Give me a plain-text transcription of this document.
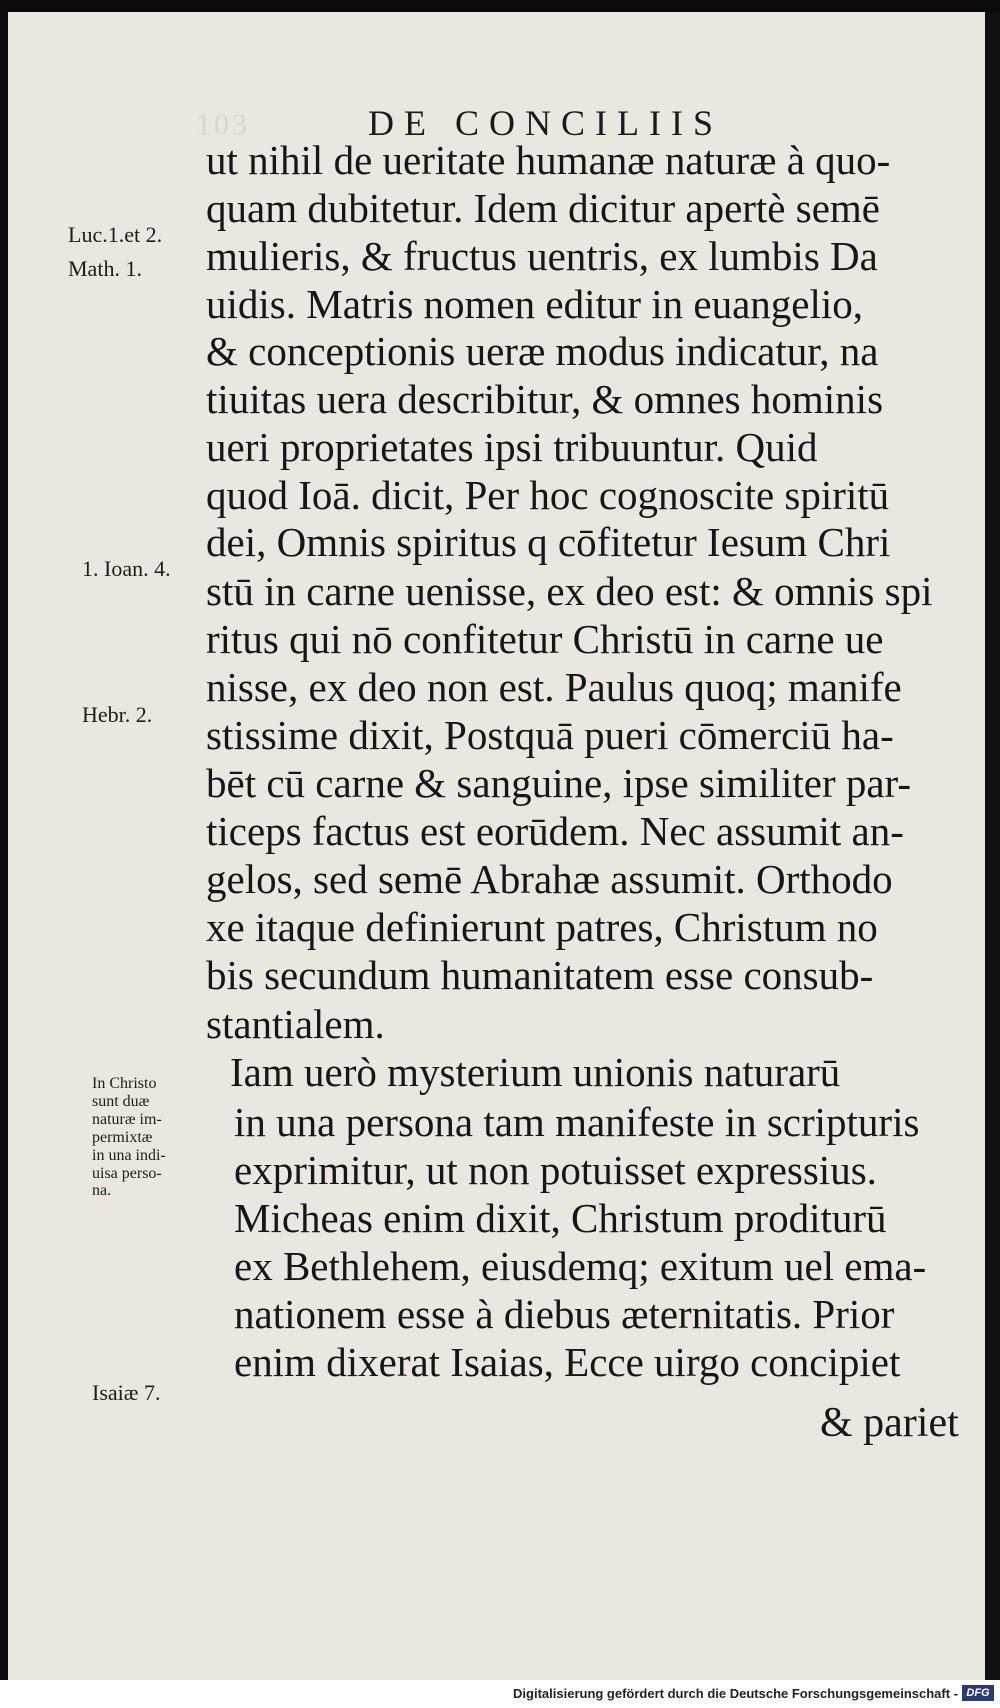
103	DE CONCILIIS
ut nihil de ueritate humanæ naturæ à quo-
quam dubitetur. Idem dicitur apertè semē
mulieris, & fructus uentris, ex lumbis Da
uidis. Matris nomen editur in euangelio,
& conceptionis ueræ modus indicatur, na
tiuitas uera describitur, & omnes hominis
ueri proprietates ipsi tribuuntur. Quid
quod Ioā. dicit, Per hoc cognoscite spiritū
dei, Omnis spiritus q cōfitetur Iesum Chri
stū in carne uenisse, ex deo est: & omnis spi
ritus qui nō confitetur Christū in carne ue
nisse, ex deo non est. Paulus quoq; manife
stissime dixit, Postquā pueri cōmerciū ha-
bēt cū carne & sanguine, ipse similiter par-
ticeps factus est eorūdem. Nec assumit an-
gelos, sed semē Abrahæ assumit. Orthodo
xe itaque definierunt patres, Christum no
bis secundum humanitatem esse consub-
stantialem.
Iam uerò mysterium unionis naturarū
in una persona tam manifeste in scripturis
exprimitur, ut non potuisset expressius.
Micheas enim dixit, Christum proditurū
ex Bethlehem, eiusdemq; exitum uel ema-
nationem esse à diebus æternitatis. Prior
enim dixerat Isaias, Ecce uirgo concipiet
& pariet
Luc.1.et 2.
Math. 1.
1. Ioan. 4.
Hebr. 2.
Isaiæ 7.
In Christo
sunt duæ
naturæ im-
permixtæ
in una indi-
uisa perso-
na.
Digitalisierung gefördert durch die Deutsche Forschungsgemeinschaft - DFG
